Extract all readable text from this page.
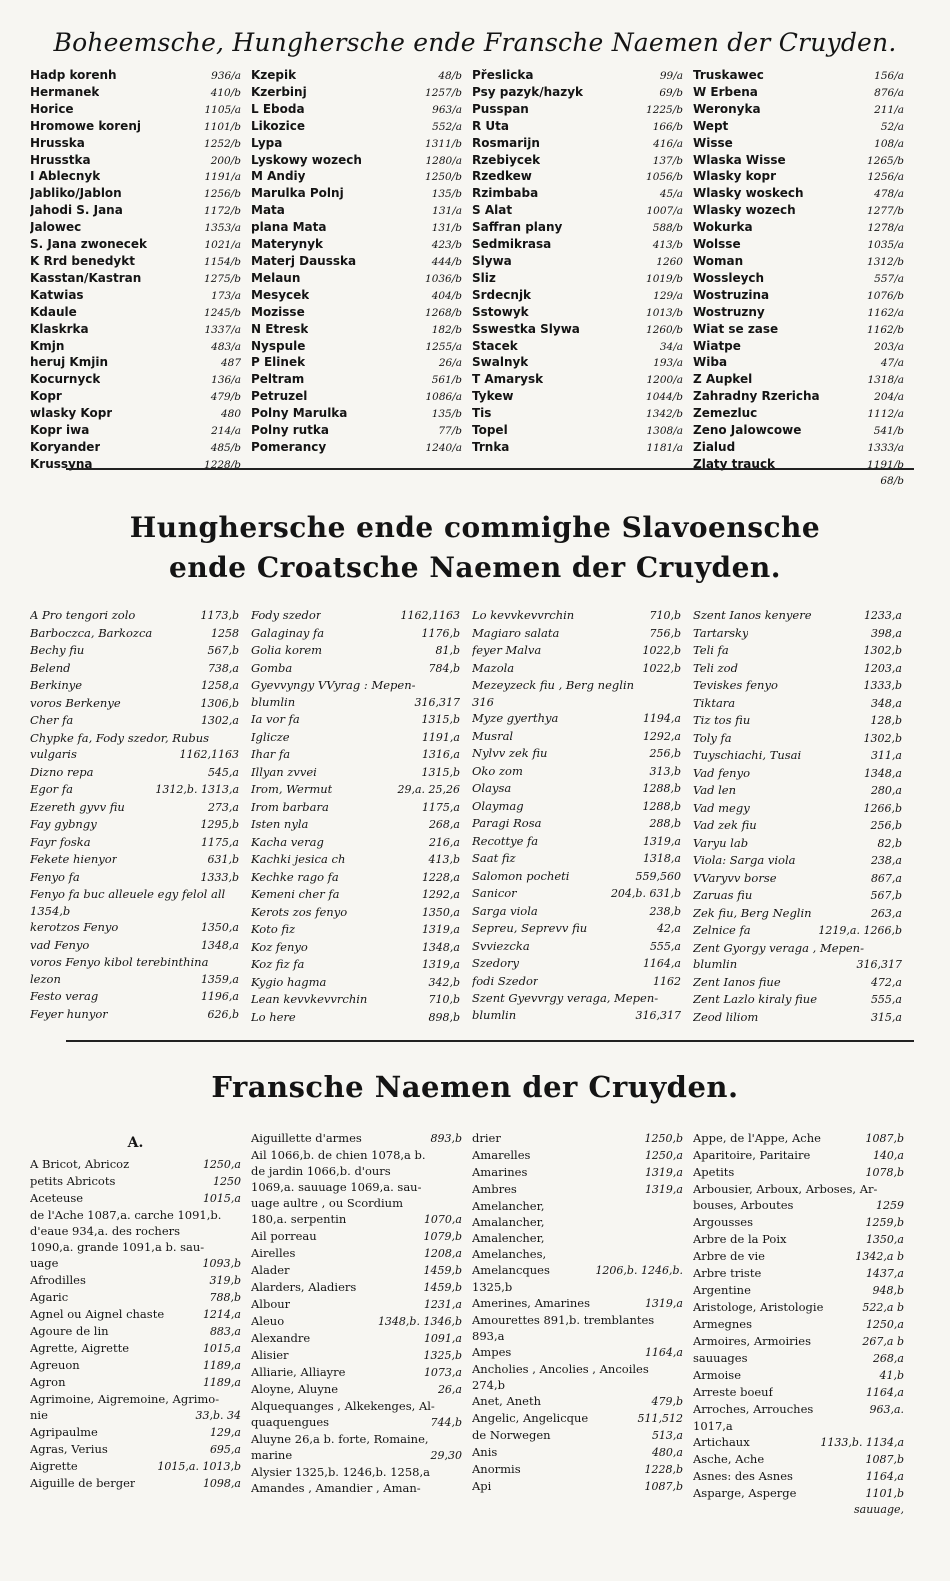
Boheemsche, Hunghersche ende Fransche Naemen der Cruyden.
Hadp korenh	936/a
Hermanek	410/b
Horice	1105/a
Hromowe korenj	1101/b
Hrusska	1252/b
Hrusstka	200/b
I Ablecnyk	1191/a
Jabliko/Jablon	1256/b
Jahodi S. Jana	1172/b
Jalowec	1353/a
S. Jana zwonecek	1021/a
K Rrd benedykt	1154/b
Kasstan/Kastran	1275/b
Katwias	173/a
Kdaule	1245/b
Klaskrka	1337/a
Kmjn	483/a
heruj Kmjin	487
Kocurnyck	136/a
Kopr	479/b
wlasky Kopr	480
Kopr iwa	214/a
Koryander	485/b
Krussyna	1228/b
Kzepik	48/b
Kzerbinj	1257/b
L Eboda	963/a
Likozice	552/a
Lypa	1311/b
Lyskowy wozech	1280/a
M Andiy	1250/b
Marulka Polnj	135/b
Mata	131/a
plana Mata	131/b
Materynyk	423/b
Materj Dausska	444/b
Melaun	1036/b
Mesycek	404/b
Mozisse	1268/b
N Etresk	182/b
Nyspule	1255/a
P Elinek	26/a
Peltram	561/b
Petruzel	1086/a
Polny Marulka	135/b
Polny rutka	77/b
Pomerancy	1240/a
Přeslicka	99/a
Psy pazyk/hazyk	69/b
Pusspan	1225/b
R Uta	166/b
Rosmarijn	416/a
Rzebiycek	137/b
Rzedkew	1056/b
Rzimbaba	45/a
S Alat	1007/a
Saffran plany	588/b
Sedmikrasa	413/b
Slywa	1260
Sliz	1019/b
Srdecnjk	129/a
Sstowyk	1013/b
Sswestka Slywa	1260/b
Stacek	34/a
Swalnyk	193/a
T Amarysk	1200/a
Tykew	1044/b
Tis	1342/b
Topel	1308/a
Trnka	1181/a
Truskawec	156/a
W Erbena	876/a
Weronyka	211/a
Wept	52/a
Wisse	108/a
Wlaska Wisse	1265/b
Wlasky kopr	1256/a
Wlasky woskech	478/a
Wlasky wozech	1277/b
Wokurka	1278/a
Wolsse	1035/a
Woman	1312/b
Wossleych	557/a
Wostruzina	1076/b
Wostruzny	1162/a
Wiat se zase	1162/b
Wiatpe	203/a
Wiba	47/a
Z Aupkel	1318/a
Zahradny Rzericha	204/a
Zemezluc	1112/a
Zeno Jalowcowe	541/b
Zialud	1333/a
Zlaty trauck	1191/b
68/b
Hunghersche ende commighe Slavoensche ende Croatsche Naemen der Cruyden.
A Pro tengori zolo	1173,b
Barboczca, Barkozca	1258
Bechy fiu	567,b
Belend	738,a
Berkinye	1258,a
voros Berkenye	1306,b
Cher fa	1302,a
Chypke fa, Fody szedor, Rubus
vulgaris	1162,1163
Dizno repa	545,a
Egor fa	1312,b. 1313,a
Ezereth gyvv fiu	273,a
Fay gybngy	1295,b
Fayr foska	1175,a
Fekete hienyor	631,b
Fenyo fa	1333,b
Fenyo fa buc alleuele egy felol all
1354,b
kerotzos Fenyo	1350,a
vad Fenyo	1348,a
voros Fenyo kibol terebinthina
lezon	1359,a
Festo verag	1196,a
Feyer hunyor	626,b
Fody szedor	1162,1163
Galaginay fa	1176,b
Golia korem	81,b
Gomba	784,b
Gyevvyngy VVyrag : Mepen-
blumlin	316,317
Ia vor fa	1315,b
Iglicze	1191,a
Ihar fa	1316,a
Illyan zvvei	1315,b
Irom, Wermut	29,a. 25,26
Irom barbara	1175,a
Isten nyla	268,a
Kacha verag	216,a
Kachki jesica ch	413,b
Kechke rago fa	1228,a
Kemeni cher fa	1292,a
Kerots zos fenyo	1350,a
Koto fiz	1319,a
Koz fenyo	1348,a
Koz fiz fa	1319,a
Kygio hagma	342,b
Lean kevvkevvrchin	710,b
Lo here	898,b
Lo kevvkevvrchin	710,b
Magiaro salata	756,b
feyer Malva	1022,b
Mazola	1022,b
Mezeyzeck fiu , Berg neglin
316
Myze gyerthya	1194,a
Musral	1292,a
Nylvv zek fiu	256,b
Oko zom	313,b
Olaysa	1288,b
Olaymag	1288,b
Paragi Rosa	288,b
Recottye fa	1319,a
Saat fiz	1318,a
Salomon pocheti	559,560
Sanicor	204,b. 631,b
Sarga viola	238,b
Sepreu, Seprevv fiu	42,a
Svviezcka	555,a
Szedory	1164,a
fodi Szedor	1162
Szent Gyevvrgy veraga, Mepen-
blumlin	316,317
Szent Ianos kenyere	1233,a
Tartarsky	398,a
Teli fa	1302,b
Teli zod	1203,a
Teviskes fenyo	1333,b
Tiktara	348,a
Tiz tos fiu	128,b
Toly fa	1302,b
Tuyschiachi, Tusai	311,a
Vad fenyo	1348,a
Vad len	280,a
Vad megy	1266,b
Vad zek fiu	256,b
Varyu lab	82,b
Viola: Sarga viola	238,a
VVaryvv borse	867,a
Zaruas fiu	567,b
Zek fiu, Berg Neglin	263,a
Zelnice fa	1219,a. 1266,b
Zent Gyorgy veraga , Mepen-
blumlin	316,317
Zent Ianos fiue	472,a
Zent Lazlo kiraly fiue	555,a
Zeod liliom	315,a
Fransche Naemen der Cruyden.
A.
A Bricot, Abricoz	1250,a
petits Abricots	1250
Aceteuse	1015,a
de l'Ache 1087,a. carche 1091,b.
d'eaue 934,a. des rochers
1090,a. grande 1091,a b. sau-
uage	1093,b
Afrodilles	319,b
Agaric	788,b
Agnel ou Aignel chaste	1214,a
Agoure de lin	883,a
Agrette, Aigrette	1015,a
Agreuon	1189,a
Agron	1189,a
Agrimoine, Aigremoine, Agrimo-
nie	33,b. 34
Agripaulme	129,a
Agras, Verius	695,a
Aigrette	1015,a. 1013,b
Aiguille de berger	1098,a
Aiguillette d'armes	893,b
Ail 1066,b. de chien 1078,a b.
de jardin 1066,b. d'ours
1069,a. sauuage 1069,a. sau-
uage aultre , ou Scordium
180,a. serpentin	1070,a
Ail porreau	1079,b
Airelles	1208,a
Alader	1459,b
Alarders, Aladiers	1459,b
Albour	1231,a
Aleuo	1348,b. 1346,b
Alexandre	1091,a
Alisier	1325,b
Alliarie, Alliayre	1073,a
Aloyne, Aluyne	26,a
Alquequanges , Alkekenges, Al-
quaquengues	744,b
Aluyne 26,a b. forte, Romaine,
marine	29,30
Alysier 1325,b. 1246,b. 1258,a
Amandes , Amandier , Aman-
drier	1250,b
Amarelles	1250,a
Amarines	1319,a
Ambres	1319,a
Amelancher,
Amalancher,
Amalencher,
Amelanches,
Amelancques	1206,b. 1246,b.
1325,b
Amerines, Amarines	1319,a
Amourettes 891,b. tremblantes
893,a
Ampes	1164,a
Ancholies , Ancolies , Ancoiles
274,b
Anet, Aneth	479,b
Angelic, Angelicque	511,512
de Norwegen	513,a
Anis	480,a
Anormis	1228,b
Api	1087,b
Appe, de l'Appe, Ache	1087,b
Aparitoire, Paritaire	140,a
Apetits	1078,b
Arbousier, Arboux, Arboses, Ar-
bouses, Arboutes	1259
Argousses	1259,b
Arbre de la Poix	1350,a
Arbre de vie	1342,a b
Arbre triste	1437,a
Argentine	948,b
Aristologe, Aristologie	522,a b
Armegnes	1250,a
Armoires, Armoiries	267,a b
sauuages	268,a
Armoise	41,b
Arreste boeuf	1164,a
Arroches, Arrouches	963,a.
1017,a
Artichaux	1133,b. 1134,a
Asche, Ache	1087,b
Asnes: des Asnes	1164,a
Asparge, Asperge	1101,b
sauuage,
